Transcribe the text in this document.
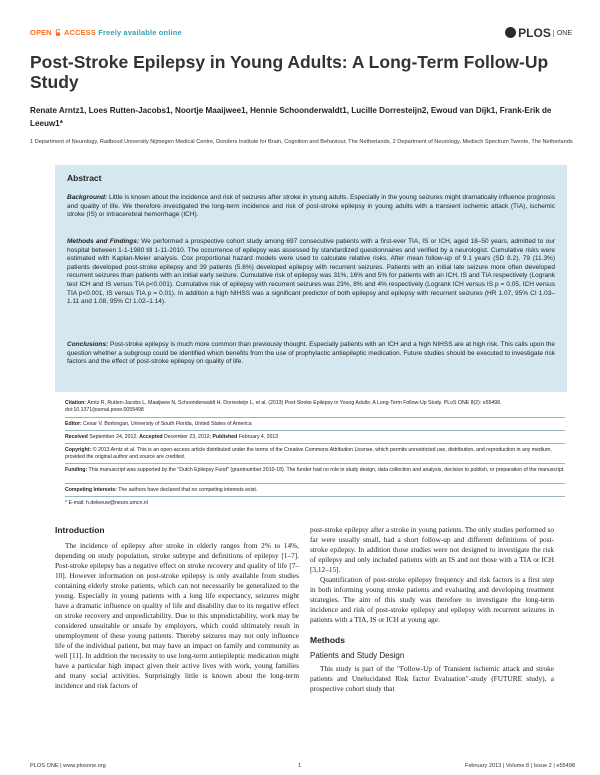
OPEN ACCESS Freely available online	PLOS ONE
Post-Stroke Epilepsy in Young Adults: A Long-Term Follow-Up Study
Renate Arntz1, Loes Rutten-Jacobs1, Noortje Maaijwee1, Hennie Schoonderwaldt1, Lucille Dorresteijn2, Ewoud van Dijk1, Frank-Erik de Leeuw1*
1 Department of Neurology, Radboud University Nijmegen Medical Centre, Donders Institute for Brain, Cognition and Behaviour, The Netherlands, 2 Department of Neurology, Medisch Spectrum Twente, The Netherlands
Abstract

Background: Little is known about the incidence and risk of seizures after stroke in young adults. Especially in the young seizures might dramatically influence prognosis and quality of life. We therefore investigated the long-term incidence and risk of post-stroke epilepsy in young adults with a transient ischemic attack (TIA), ischemic stroke (IS) or intracerebral hemorrhage (ICH).

Methods and Findings: We performed a prospective cohort study among 697 consecutive patients with a first-ever TIA, IS or ICH, aged 18–50 years, admitted to our hospital between 1-1-1980 till 1-11-2010. The occurrence of epilepsy was assessed by standardized questionnaires and verified by a neurologist. Cumulative risks were estimated with Kaplan-Meier analysis. Cox proportional hazard models were used to calculate relative risks. After mean follow-up of 9.1 years (SD 8.2), 79 (11.3%) patients developed post-stroke epilepsy and 39 patients (5.6%) developed epilepsy with recurrent seizures. Patients with an initial late seizure more often developed recurrent seizures than patients with an initial early seizure. Cumulative risk of epilepsy was 31%, 16% and 5% for patients with an ICH, IS and TIA respectively (Logrank test ICH and IS versus TIA p<0.001). Cumulative risk of epilepsy with recurrent seizures was 23%, 8% and 4% respectively (Logrank ICH versus IS p = 0.05, ICH versus TIA p<0.001, IS versus TIA p = 0.01). In addition a high NIHSS was a significant predictor of both epilepsy and epilepsy with recurrent seizures (HR 1.07, 95% CI 1.03–1.11 and 1.08, 95% CI 1.02–1.14).

Conclusions: Post-stroke epilepsy is much more common than previously thought. Especially patients with an ICH and a high NIHSS are at high risk. This calls upon the question whether a subgroup could be identified which benefits from the use of prophylactic antiepileptic medication. Future studies should be executed to investigate risk factors and the effect of post-stroke epilepsy on quality of life.

Citation: Arntz R, Rutten-Jacobs L, Maaijwee N, Schoonderwaldt H, Dorresteijn L, et al. (2013) Post-Stroke Epilepsy in Young Adults: A Long-Term Follow-Up Study. PLoS ONE 8(2): e55498. doi:10.1371/journal.pone.0055498
Editor: Cesar V. Borlongan, University of South Florida, United States of America
Received September 24, 2012; Accepted December 23, 2012; Published February 4, 2013
Copyright: © 2013 Arntz et al. This is an open-access article distributed under the terms of the Creative Commons Attribution License, which permits unrestricted use, distribution, and reproduction in any medium, provided the original author and source are credited.
Funding: This manuscript was supported by the "Dutch Epilepsy Fund" (grantnumber 2010-18). The funder had no role in study design, data collection and analysis, decision to publish, or preparation of the manuscript.
Competing Interests: The authors have declared that no competing interests exist.
* E-mail: h.deleeuw@neuro.umcn.nl
Introduction

The incidence of epilepsy after stroke in elderly ranges from 2% to 14%, depending on study population, stroke subtype and definitions of epilepsy [1–7]. Post-stroke epilepsy has a negative effect on stroke recovery and quality of life [7–10]. However information on post-stroke epilepsy is only available from studies containing elderly stroke patients, which can not necessarily be generalized to the young. Especially in young patients with a long life expectancy, seizures might have a dramatic influence on quality of life and disability due to its negative effect on stroke recovery and unpredictability. Due to this unpredictability, work may be considered unsuitable or unsafe by employers, which could ultimately result in unemployment of these young patients. Thereby seizures may not only influence life of the individual patient, but may have an impact on family and community as well [11]. In addition the necessity to use long-term antiepileptic medication might have a particular high impact given their active lives with work, young families and many social activities. Surprisingly little is known about the long-term incidence and risk factors of

post-stroke epilepsy after a stroke in young patients. The only studies performed so far were usually small, had a short follow-up and different definitions of post-stroke epilepsy. In addition those studies were not designed to investigate the risk of epilepsy and only included patients with an IS and not those with a TIA or ICH [3,12–15].

Quantification of post-stroke epilepsy frequency and risk factors is a first step in both informing young stroke patients and evaluating and developing treatment strategies. The aim of this study was therefore to investigate the long-term incidence and risk of post-stroke epilepsy and epilepsy with recurrent seizures in patients with a TIA, IS or ICH at young age.

Methods
Patients and Study Design

This study is part of the "Follow-Up of Transient ischemic attack and stroke patients and Unelucidated Risk factor Evaluation"-study (FUTURE study), a prospective cohort study that

PLOS ONE | www.plosone.org	1	February 2013 | Volume 8 | Issue 2 | e55498
